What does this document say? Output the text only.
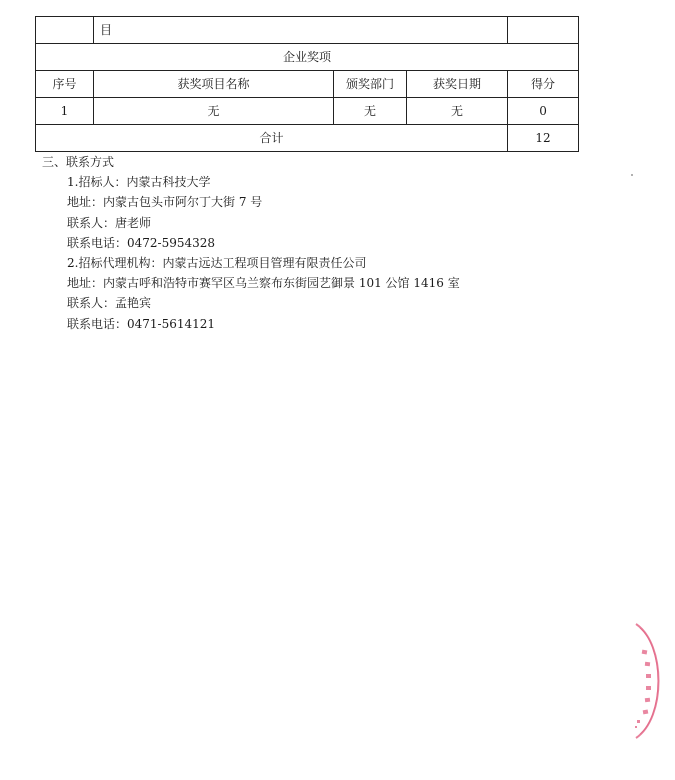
	目			
企业奖项				
序号	获奖项目名称	颁奖部门	获奖日期	得分
1	无	无	无	0
合计				12
三、联系方式
1.招标人：内蒙古科技大学
地址：内蒙古包头市阿尔丁大街 7 号
联系人：唐老师
联系电话：0472-5954328
2.招标代理机构：内蒙古远达工程项目管理有限责任公司
地址：内蒙古呼和浩特市赛罕区乌兰察布东街园艺御景 101 公馆 1416 室
联系人：孟艳宾
联系电话：0471-5614121
